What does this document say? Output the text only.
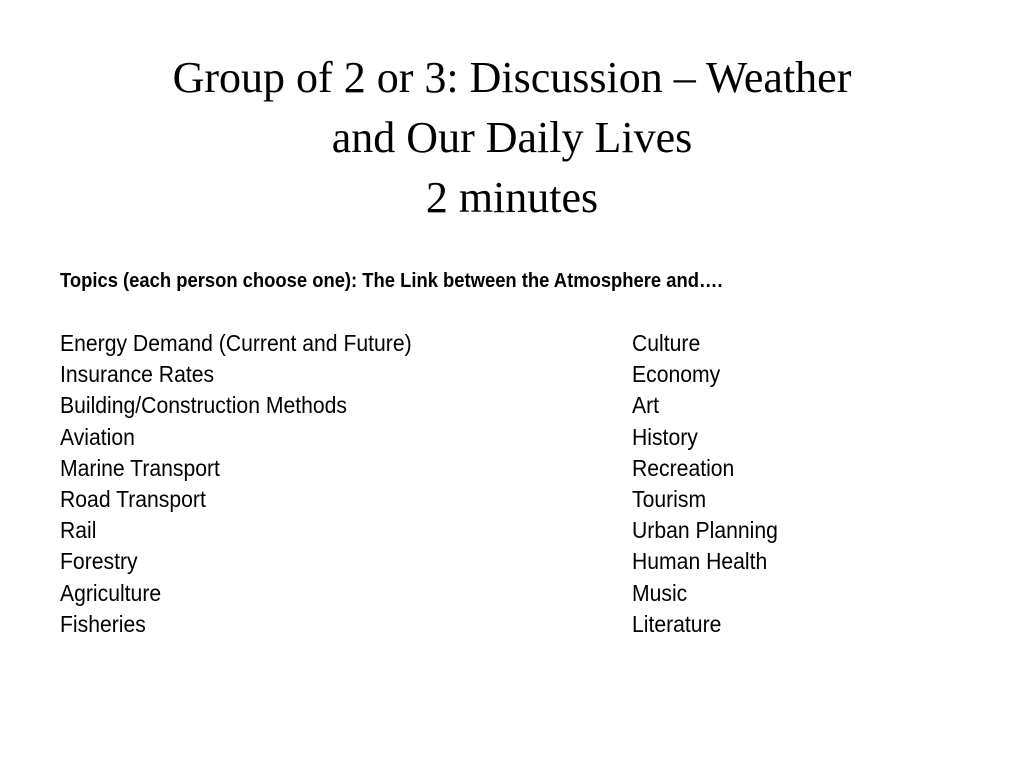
Group of 2 or 3: Discussion – Weather
and Our Daily Lives
2 minutes
Topics (each person choose one): The Link between the Atmosphere and….
Energy Demand (Current and Future)
Insurance Rates
Building/Construction Methods
Aviation
Marine Transport
Road Transport
Rail
Forestry
Agriculture
Fisheries
Culture
Economy
Art
History
Recreation
Tourism
Urban Planning
Human Health
Music
Literature
